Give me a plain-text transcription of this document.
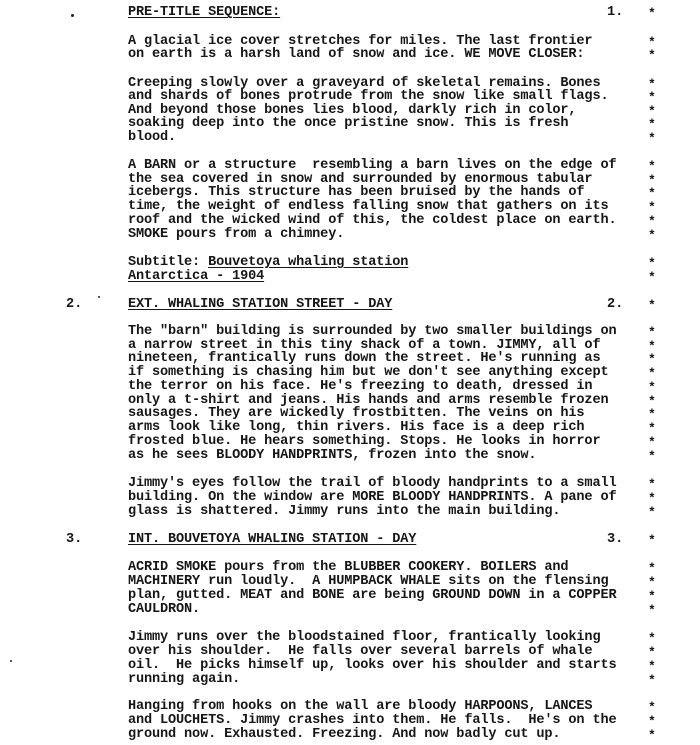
1.
PRE-TITLE SEQUENCE:
A glacial ice cover stretches for miles. The last frontier
on earth is a harsh land of snow and ice. WE MOVE CLOSER:
Creeping slowly over a graveyard of skeletal remains. Bones
and shards of bones protrude from the snow like small flags.
And beyond those bones lies blood, darkly rich in color,
soaking deep into the once pristine snow. This is fresh
blood.
A BARN or a structure  resembling a barn lives on the edge of
the sea covered in snow and surrounded by enormous tabular
icebergs. This structure has been bruised by the hands of
time, the weight of endless falling snow that gathers on its
roof and the wicked wind of this, the coldest place on earth.
SMOKE pours from a chimney.
Subtitle: Bouvetoya whaling station
Antarctica - 1904
2.	EXT. WHALING STATION STREET - DAY	2.
The "barn" building is surrounded by two smaller buildings on
a narrow street in this tiny shack of a town. JIMMY, all of
nineteen, frantically runs down the street. He's running as
if something is chasing him but we don't see anything except
the terror on his face. He's freezing to death, dressed in
only a t-shirt and jeans. His hands and arms resemble frozen
sausages. They are wickedly frostbitten. The veins on his
arms look like long, thin rivers. His face is a deep rich
frosted blue. He hears something. Stops. He looks in horror
as he sees BLOODY HANDPRINTS, frozen into the snow.
Jimmy's eyes follow the trail of bloody handprints to a small
building. On the window are MORE BLOODY HANDPRINTS. A pane of
glass is shattered. Jimmy runs into the main building.
3.	INT. BOUVETOYA WHALING STATION - DAY	3.
ACRID SMOKE pours from the BLUBBER COOKERY. BOILERS and
MACHINERY run loudly.  A HUMPBACK WHALE sits on the flensing
plan, gutted. MEAT and BONE are being GROUND DOWN in a COPPER
CAULDRON.
Jimmy runs over the bloodstained floor, frantically looking
over his shoulder.  He falls over several barrels of whale
oil.  He picks himself up, looks over his shoulder and starts
running again.
Hanging from hooks on the wall are bloody HARPOONS, LANCES
and LOUCHETS. Jimmy crashes into them. He falls.  He's on the
ground now. Exhausted. Freezing. And now badly cut up.
*
*
*
*
*
*
*
*
*
*
*
*
*
*
*
*
*
*
*
*
*
*
*
*
*
*
*
*
*
*
*
*
*
*
*
*
*
*
*
*
*
*
